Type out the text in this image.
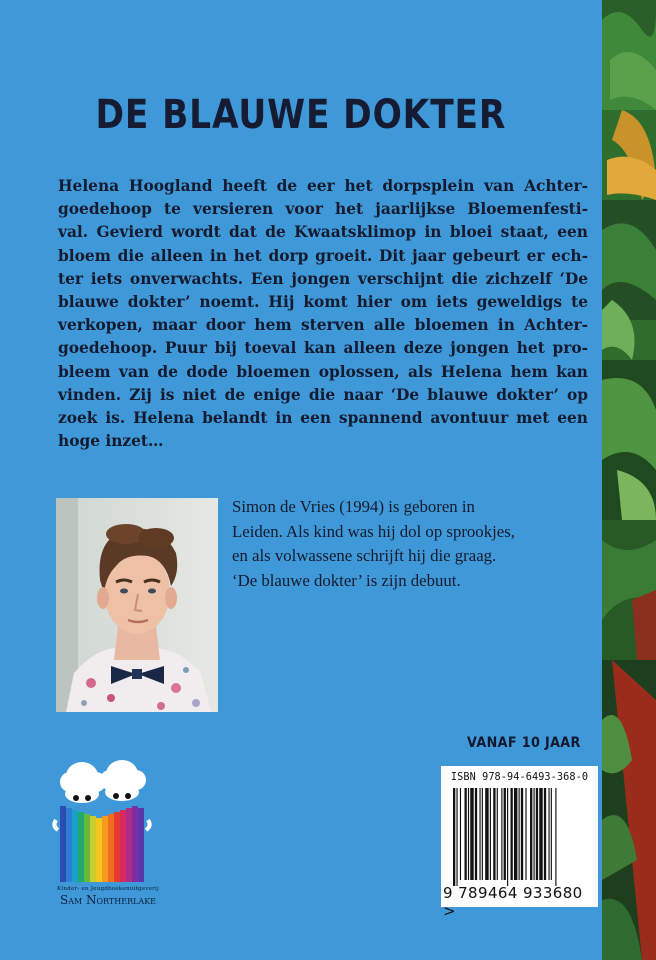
DE BLAUWE DOKTER

Helena Hoogland heeft de eer het dorpsplein van Achter-
goedehoop te versieren voor het jaarlijkse Bloemenfesti-
val. Gevierd wordt dat de Kwaatsklimop in bloei staat, een
bloem die alleen in het dorp groeit. Dit jaar gebeurt er ech-
ter iets onverwachts. Een jongen verschijnt die zichzelf ‘De
blauwe dokter’ noemt. Hij komt hier om iets geweldigs te
verkopen, maar door hem sterven alle bloemen in Achter-
goedehoop. Puur bij toeval kan alleen deze jongen het pro-
bleem van de dode bloemen oplossen, als Helena hem kan
vinden. Zij is niet de enige die naar ‘De blauwe dokter’ op
zoek is. Helena belandt in een spannend avontuur met een
hoge inzet…

Simon de Vries (1994) is geboren in
Leiden. Als kind was hij dol op sprookjes,
en als volwassene schrijft hij die graag.
‘De blauwe dokter’ is zijn debuut.

VANAF 10 JAAR
ISBN 978-94-6493-368-0
9 789464 933680 >
Kinder- en Jeugdboekenuitgeverij
Sam Northerlake
